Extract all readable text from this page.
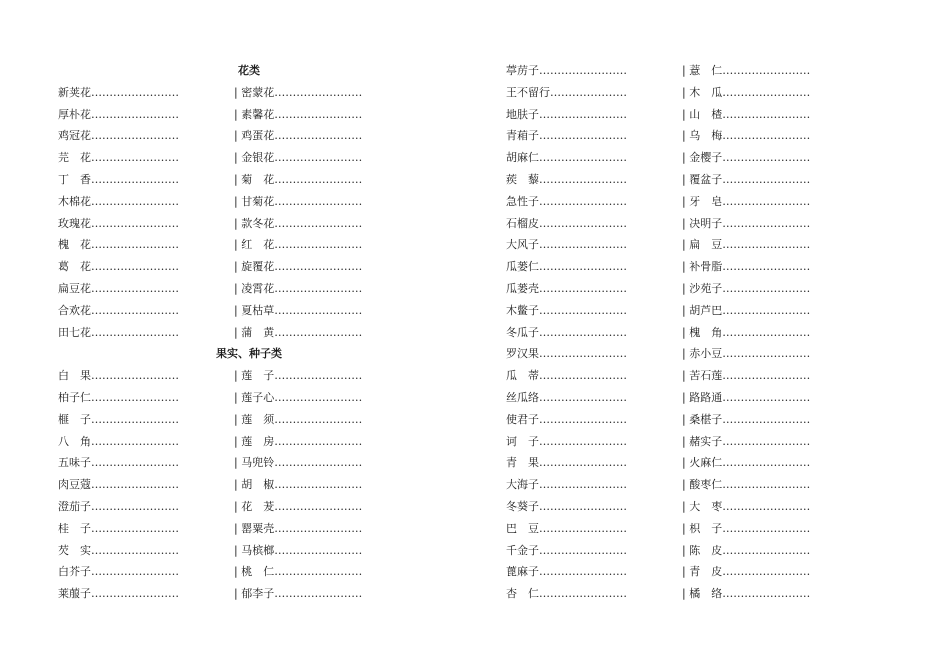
花类
新荚花……………………	| 密蒙花……………………
厚朴花……………………	| 素馨花……………………
鸡冠花……………………	| 鸡蛋花……………………
芫　花……………………	| 金银花……………………
丁　香……………………	| 菊　花……………………
木棉花……………………	| 甘菊花……………………
玫瑰花……………………	| 款冬花……………………
槐　花……………………	| 红　花……………………
葛　花……………………	| 旋覆花……………………
扁豆花……………………	| 凌霄花……………………
合欢花……………………	| 夏枯草……………………
田七花……………………	| 蒲　黄……………………
果实、种子类
白　果……………………	| 莲　子……………………
柏子仁……………………	| 莲子心……………………
榧　子……………………	| 莲　须……………………
八　角……………………	| 莲　房……………………
五味子……………………	| 马兜铃……………………
肉豆蔻……………………	| 胡　椒……………………
澄茄子……………………	| 花　茇……………………
桂　子……………………	| 罂粟壳……………………
芡　实……………………	| 马槟榔……………………
白芥子……………………	| 桃　仁……………………
莱菔子……………………	| 郁李子……………………
葶苈子……………………	| 薏　仁……………………
王不留行…………………	| 木　瓜……………………
地肤子……………………	| 山　楂……………………
青葙子……………………	| 乌　梅……………………
胡麻仁……………………	| 金樱子……………………
蒺　藜……………………	| 覆盆子……………………
急性子……………………	| 牙　皂……………………
石榴皮……………………	| 决明子……………………
大风子……………………	| 扁　豆……………………
瓜蒌仁……………………	| 补骨脂……………………
瓜蒌壳……………………	| 沙苑子……………………
木鳖子……………………	| 胡芦巴……………………
冬瓜子……………………	| 槐　角……………………
罗汉果……………………	| 赤小豆……………………
瓜　蒂……………………	| 苦石莲……………………
丝瓜络……………………	| 路路通……………………
使君子……………………	| 桑椹子……………………
诃　子……………………	| 赭实子……………………
青　果……………………	| 火麻仁……………………
大海子……………………	| 酸枣仁……………………
冬葵子……………………	| 大　枣……………………
巴　豆……………………	| 枳　子……………………
千金子……………………	| 陈　皮……………………
蓖麻子……………………	| 青　皮……………………
杏　仁……………………	| 橘　络……………………
